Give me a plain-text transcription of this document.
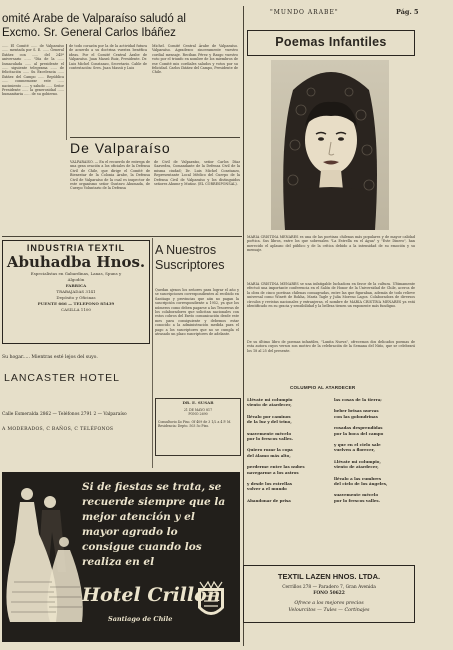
"MUNDO ARABE"	Pág. 5
omité Arabe de Valparaíso saludó al
Excmo. Sr. General Carlos Ibáñez
...... El Comité ...... de Valparaíso ...... mentada por S. E. ...... General Ibáñez con ...... del 245º aniversario ...... "Día de la ...... Inmaculada ...... al presidente el ...... siguiente telegrama ...... de felicitación ...... Su Excelencia ...... Ibáñez del Campo ...... República ...... conmemorar este ...... nacimiento ...... y saludo ...... Señor Presidente ...... la generosidad ...... humanitaria ...... de su gobierno.
de todo corazón por la de la actividad futura de acuerdo a su doctrina vuestra benéfica ideas. Por el Comité Central Árabe de Valparaíso. Juan Massú Ruiz, Presidente. Dr. Luis Michel Constanzo, Secretario. Cable de contestación: Sres. Juan Massú y Luis
Michel. Comité Central Árabe de Valparaíso. Valparaíso. Agradezco sinceramente vuestro cordial mensaje. Reciban Pérez y Rasgo vuestro voto por el triunfo en nombre de los miembros de ese Comité mis cordiales saludos y votos por su felicidad. Carlos Ibáñez del Campo, Presidente de Chile.
De Valparaíso
VALPARAISO. — En el recuerdo de entrega de una gran ovación a los oficiales de la Defensa Civil de Chile, que dirige el Comité de Bienestar de la Colonia Árabe, la Defensa Civil de Valparaíso de la cual es inspector de este organismo señor Gustavo Ahumada, de Cuerpo Voluntario de la Defensa
de Civil de Valparaíso, señor Carlos Díaz Saavedra, Comandante de la Defensa Civil de la misma ciudad; Dr. Luis Michel Constanzo, Representante Local Médico del Cuerpo de la Defensa Civil de Valparaíso y los distinguidos señores Ahumr y Muñoz. (EL CORRESPONSAL).
INDUSTRIA TEXTIL
Abuhadba Hnos.
Especialistas en Gabardinas, Lanas, Spuns y
Algodón
FABRICA
TRABAJADAS 3141
Depósito y Oficinas
PUENTE 666 — TELEFONO 85439
CASILLA 1100
Su hogar..... Mientras esté lejos del suyo.
LANCASTER HOTEL
Calle Esmeralda 2862 — Teléfonos 2791 2 — Valparaíso
A MODERADOS, C BAÑOS, C TELÉFONOS
A Nuestros
Suscriptores
Quedan ajenos los señores para lograr el año y se suscripciones correspondientes al recibido en Santiago y provincias que aún no pagan la suscripción correspondiente a 1952, ya que los números como deben pagarse a las Tesoreras de los colaboradores que solicitan nacionales con estos cobros del Envío comunicación desde este mes para consiguiente y debemos estar conocido a la administración medida para el pago a los suscriptores que no se cumpla el atrasado un plazo suscriptores de adelante.
DR. E. SUSAR
21 DE MAYO 817
FONO 2690
Consultorio 4o Piso. Of 409 de 3 1/2 a 4 P. M.
Residencia: Depto. 503 5o Piso.
Si de fiestas se trata, se recuerde siempre que la mejor atención y el mayor agrado lo consigue cuando los realiza en el
Hotel Crillon
Santiago de Chile
Poemas Infantiles
MARIA CRISTINA MENARES es una de las poetisas chilenas más populares y de mayor calidad poética. Sus libros, entre los que sobresalen "La Estrella en el Agua" y "Este Dinero", han merecido el aplauso del público y de la crítica debido a la intensidad de su emoción y su mensaje.
MARIA CRISTINA MENARES se una infatigable luchadora en favor de la cultura. Ultimamente efectuó una importante conferencia en el Salón de Honor de la Universidad de Chile, acerca de la obra de cinco poetisas chilenas consagradas, entre las que figuraban, además de todo relieve universal como Winett de Rokha, María Tagle y Julia Moreno Lagos. Colaboradora de diversos círculos y revistas nacionales y extranjeras, el nombre de MARIA CRISTINA MENARES ya está identificado en su gracia y sensibilidad y la belleza tienen un exponente más fundigno.
De su último libro de poemas infantiles, "Lunita Nueva", ofrecemos dos delicados poemas de esta autora cuyos versos son motivo de la celebración de la Semana del Niño, que se celebrará los 18 al 25 del presente.
COLUMPIO AL ATARDECER
Llévate mi columpio
viento de atardecer,
llévalo por caminos
de la luz y del trino,
suavemente mécelo
por lo frescos valles.
Quiero rozar la copa
del álamo más alto,
perderme entre las nubes
navegarme a los astros
y desde los estrellas
volver a el mundo
Abandonar de prisa
las cosas de la tierra;
beber brisas nuevas
con las golondrinas
rosadas desprendidas
por la boca del campo
y que en el cielo sale
vuelven a florecer,
Llévate mi columpio,
viento de atardecer,
llévalo a las cumbres
del cielo de los ángeles,
suavemente mécelo
por lo frescos valles.
TEXTIL LAZEN HNOS. LTDA.
Cerrillos 278 — Paradero 7, Gran Avenida
FONO 50622
Ofrece a los mejores precios
Velourcitos — Tules — Cortinajes
